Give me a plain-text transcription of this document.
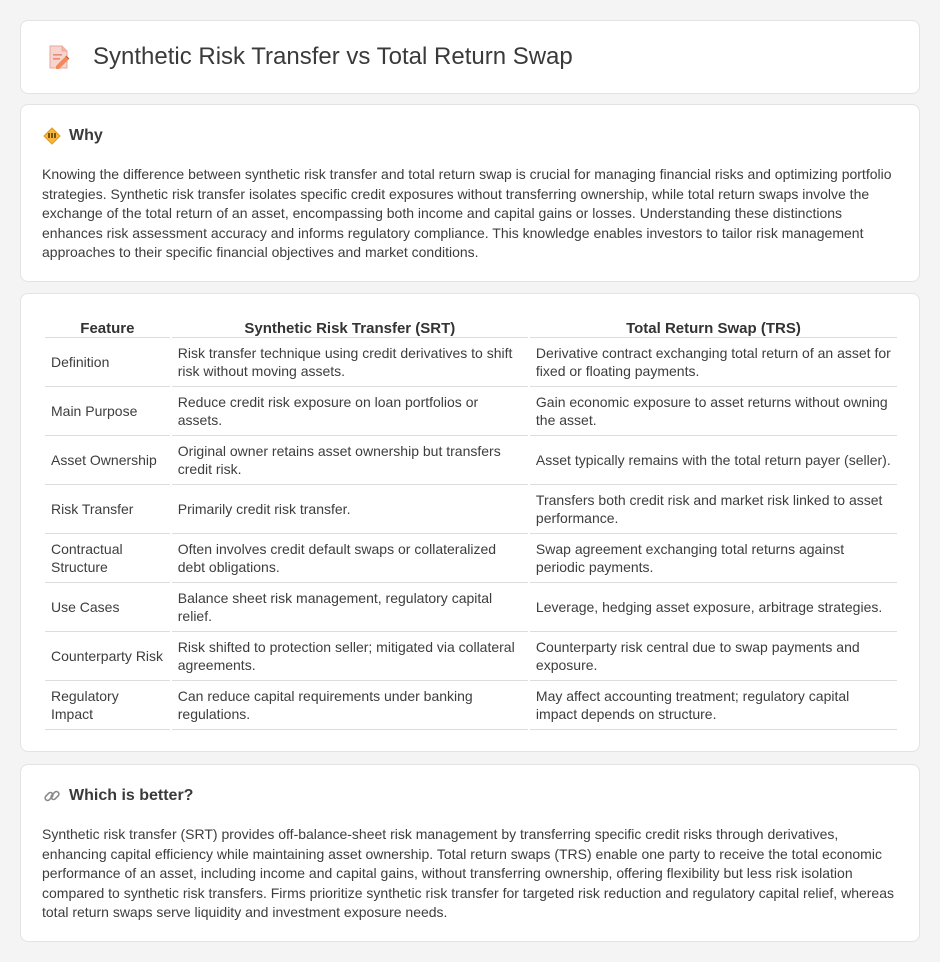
Synthetic Risk Transfer vs Total Return Swap
Why

Knowing the difference between synthetic risk transfer and total return swap is crucial for managing financial risks and optimizing portfolio strategies. Synthetic risk transfer isolates specific credit exposures without transferring ownership, while total return swaps involve the exchange of the total return of an asset, encompassing both income and capital gains or losses. Understanding these distinctions enhances risk assessment accuracy and informs regulatory compliance. This knowledge enables investors to tailor risk management approaches to their specific financial objectives and market conditions.

Feature	Synthetic Risk Transfer (SRT)	Total Return Swap (TRS)
Definition	Risk transfer technique using credit derivatives to shift risk without moving assets.	Derivative contract exchanging total return of an asset for fixed or floating payments.
Main Purpose	Reduce credit risk exposure on loan portfolios or assets.	Gain economic exposure to asset returns without owning the asset.
Asset Ownership	Original owner retains asset ownership but transfers credit risk.	Asset typically remains with the total return payer (seller).
Risk Transfer	Primarily credit risk transfer.	Transfers both credit risk and market risk linked to asset performance.
Contractual Structure	Often involves credit default swaps or collateralized debt obligations.	Swap agreement exchanging total returns against periodic payments.
Use Cases	Balance sheet risk management, regulatory capital relief.	Leverage, hedging asset exposure, arbitrage strategies.
Counterparty Risk	Risk shifted to protection seller; mitigated via collateral agreements.	Counterparty risk central due to swap payments and exposure.
Regulatory Impact	Can reduce capital requirements under banking regulations.	May affect accounting treatment; regulatory capital impact depends on structure.
Which is better?

Synthetic risk transfer (SRT) provides off-balance-sheet risk management by transferring specific credit risks through derivatives, enhancing capital efficiency while maintaining asset ownership. Total return swaps (TRS) enable one party to receive the total economic performance of an asset, including income and capital gains, without transferring ownership, offering flexibility but less risk isolation compared to synthetic risk transfers. Firms prioritize synthetic risk transfer for targeted risk reduction and regulatory capital relief, whereas total return swaps serve liquidity and investment exposure needs.
